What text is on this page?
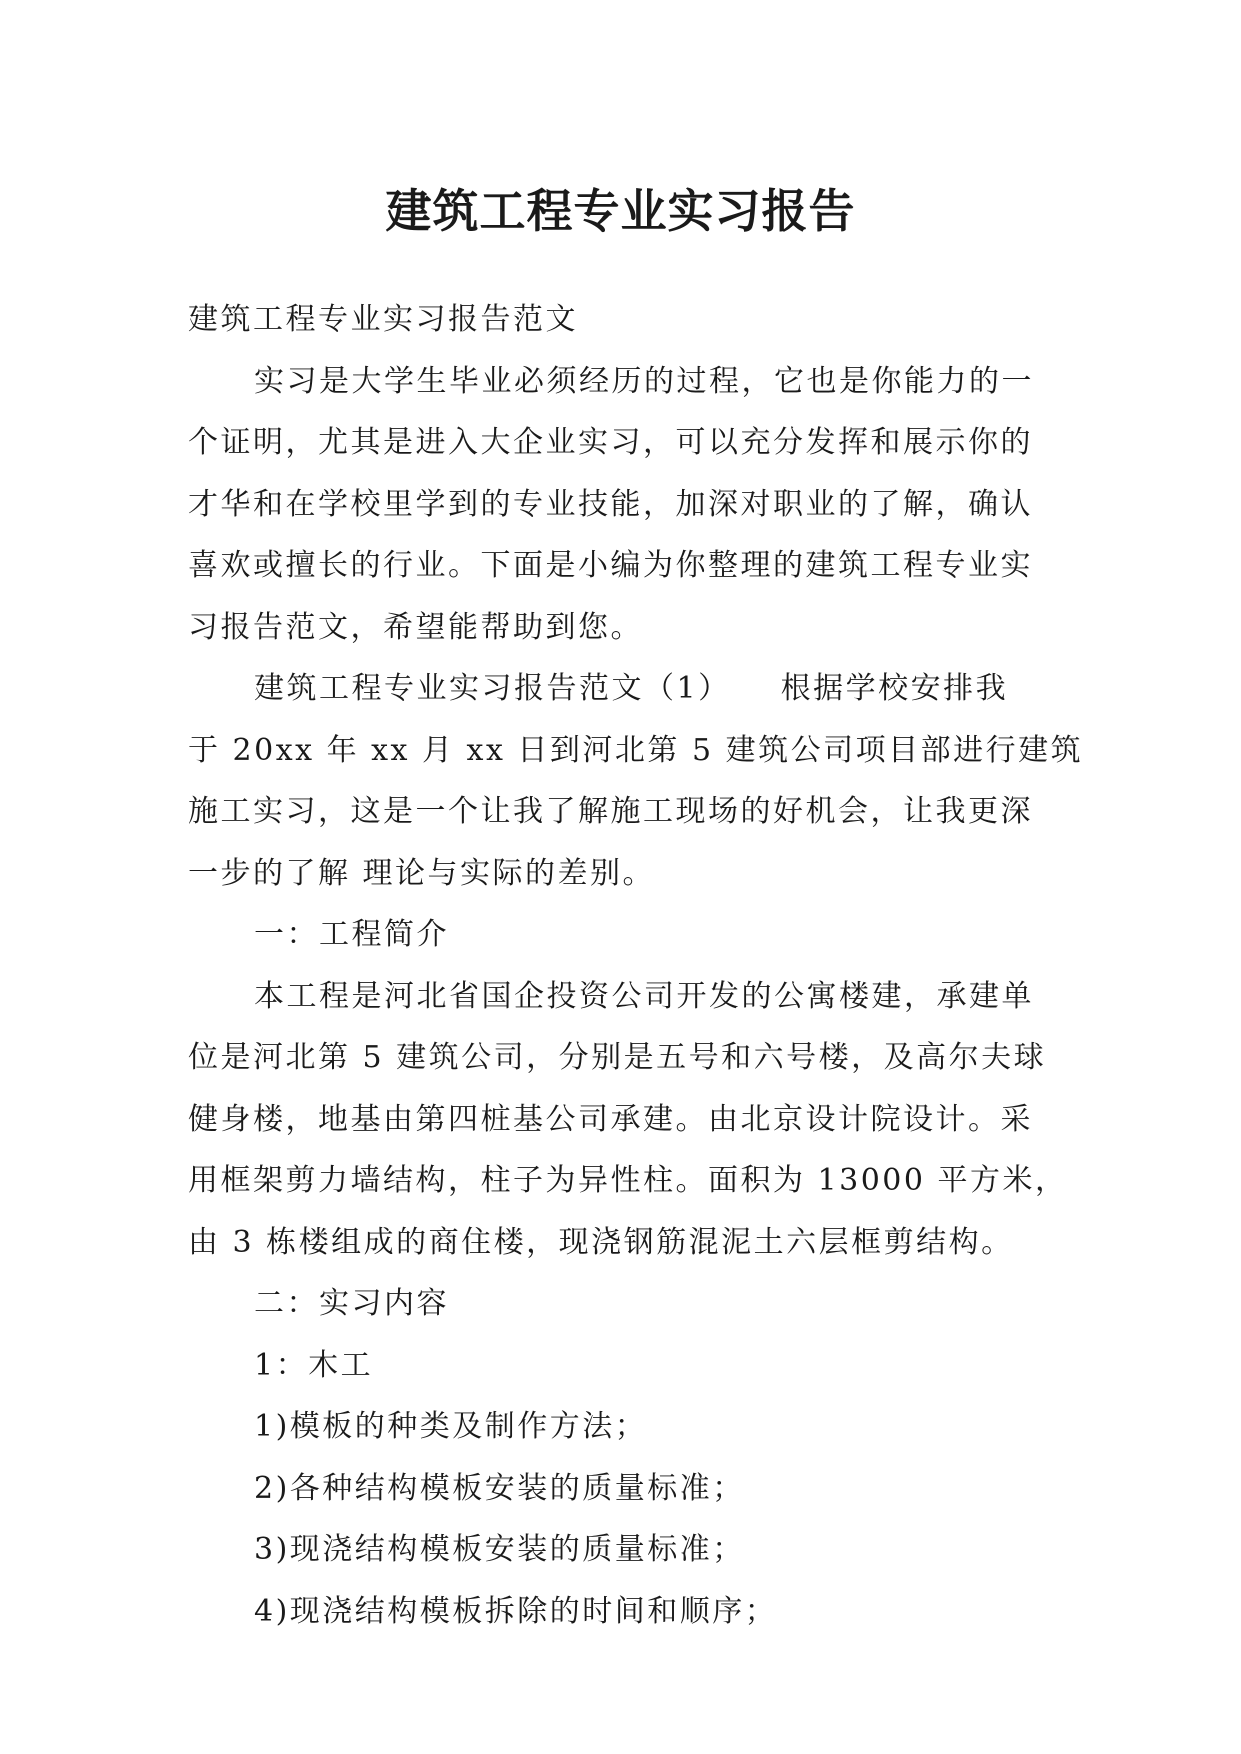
建筑工程专业实习报告

建筑工程专业实习报告范文

实习是大学生毕业必须经历的过程，它也是你能力的一

个证明，尤其是进入大企业实习，可以充分发挥和展示你的

才华和在学校里学到的专业技能，加深对职业的了解，确认

喜欢或擅长的行业。下面是小编为你整理的建筑工程专业实

习报告范文，希望能帮助到您。

建筑工程专业实习报告范文（1）　　根据学校安排我

于 20xx 年 xx 月 xx 日到河北第 5 建筑公司项目部进行建筑

施工实习，这是一个让我了解施工现场的好机会，让我更深

一步的了解 理论与实际的差别。

一：工程简介

本工程是河北省国企投资公司开发的公寓楼建，承建单

位是河北第 5 建筑公司，分别是五号和六号楼，及高尔夫球

健身楼，地基由第四桩基公司承建。由北京设计院设计。采

用框架剪力墙结构，柱子为异性柱。面积为 13000 平方米，

由 3 栋楼组成的商住楼，现浇钢筋混泥土六层框剪结构。

二：实习内容

1：木工

1)模板的种类及制作方法；

2)各种结构模板安装的质量标准；

3)现浇结构模板安装的质量标准；

4)现浇结构模板拆除的时间和顺序；
